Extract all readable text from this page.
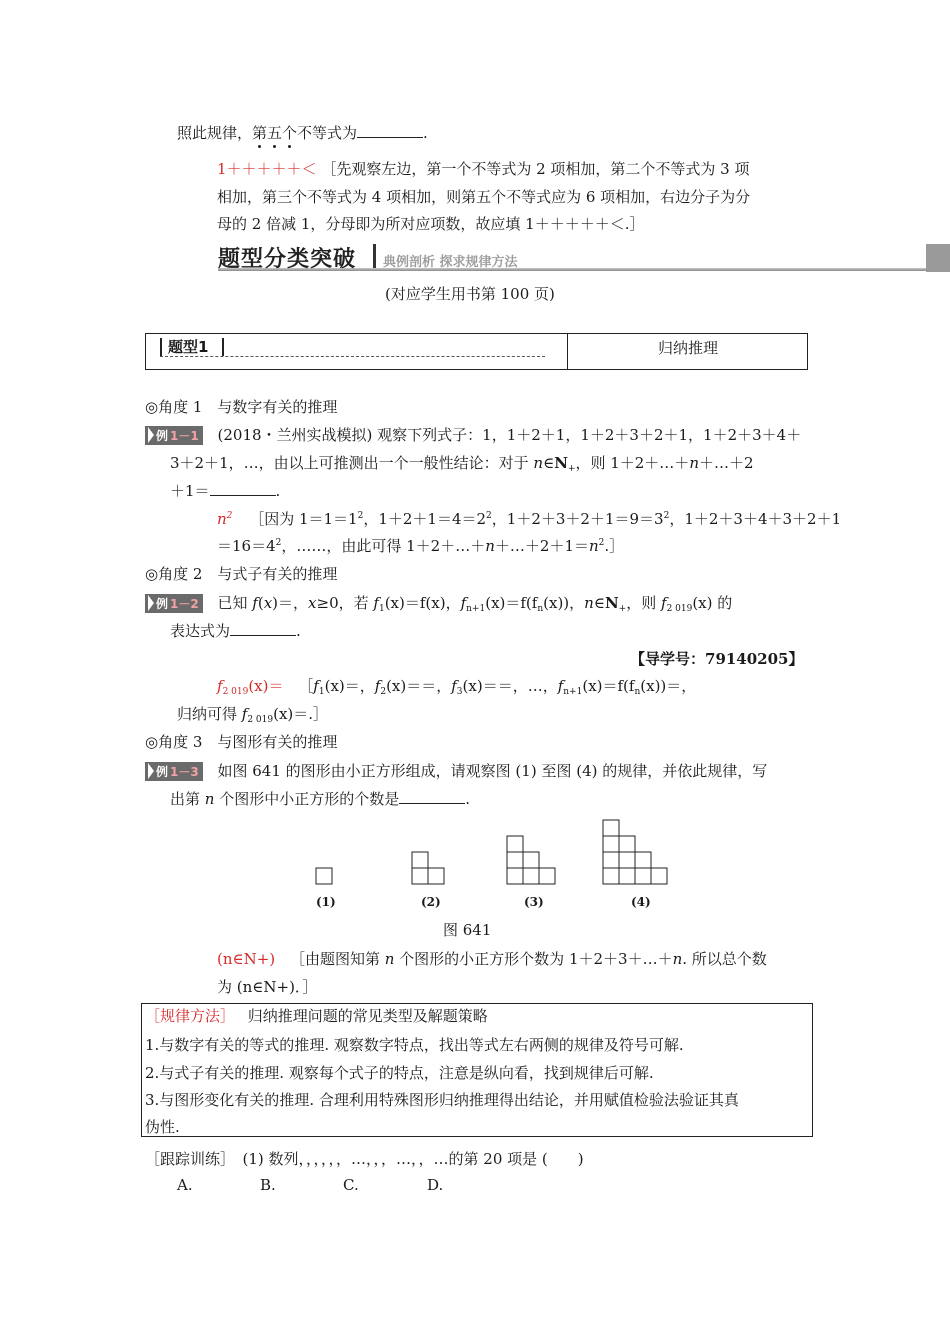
照此规律，第五个
不等式为	.
1＋＋＋＋＋＜ ［先观察左边，第一个不等式为 2 项相加，第二个不等式为 3 项
相加，第三个不等式为 4 项相加，则第五个不等式应为 6 项相加，右边分子为分
母的 2 倍减 1，分母即为所对应项数，故应填 1＋＋＋＋＋＜.］
题型分类突破 典例剖析 探求规律方法
(对应学生用书第 100 页)
题型1	归纳推理
◎角度 1　与数字有关的推理
例 1－1 (2018・兰州实战模拟) 观察下列式子：1，1＋2＋1，1＋2＋3＋2＋1，1＋2＋3＋4＋
3＋2＋1，…，由以上可推测出一个一般性结论：对于 $n\in N_+$，则 1＋2＋…＋n＋…＋2
＋1＝	.
$n^2$ ［因为 $1=1=1^2$，$1+2+1=4=2^2$，$1+2+3+2+1=9=3^2$，1＋2＋3＋4＋3＋2＋1
$=16=4^2$，……，由此可得 $1+2+\dots+n+\dots+2+1=n^2.]$
◎角度 2　与式子有关的推理
例 1－2 已知 f(x)＝，x≥0，若 $f_1(x)=f(x)$，$f_{n+1}(x)=f(f_n(x))$，$n\in N_+$，则 $f_{2 019}(x)$ 的
表达式为	.
【导学号：79140205】
$f_{2 019}(x)=$ $[f_1(x)=$，$f_2(x)==$，$f_3(x)==$，…，$f_{n+1}(x)=f(f_n(x))=$，
归纳可得 $f_{2 019}(x)=.]$
◎角度 3　与图形有关的推理
例 1－3 如图 641 的图形由小正方形组成，请观察图 (1) 至图 (4) 的规律，并依此规律，写
出第 n 个图形中小正方形的个数是	.
(1)	(2)	(3)	(4)
图 641
(n∈N+) ［由题图知第 n 个图形的小正方形个数为 1＋2＋3＋…＋n. 所以总个数
为 (n∈N+)．］
［规律方法］ 归纳推理问题的常见类型及解题策略
1.与数字有关的等式的推理. 观察数字特点，找出等式左右两侧的规律及符号可解.
2.与式子有关的推理. 观察每个式子的特点，注意是纵向看，找到规律后可解.
3.与图形变化有关的推理. 合理利用特殊图形归纳推理得出结论，并用赋值检验法验证其真
伪性.
［跟踪训练］　(1) 数列，，，，，，…，，，…，，…的第 20 项是 (　　)
A.	B.	C.	D.
